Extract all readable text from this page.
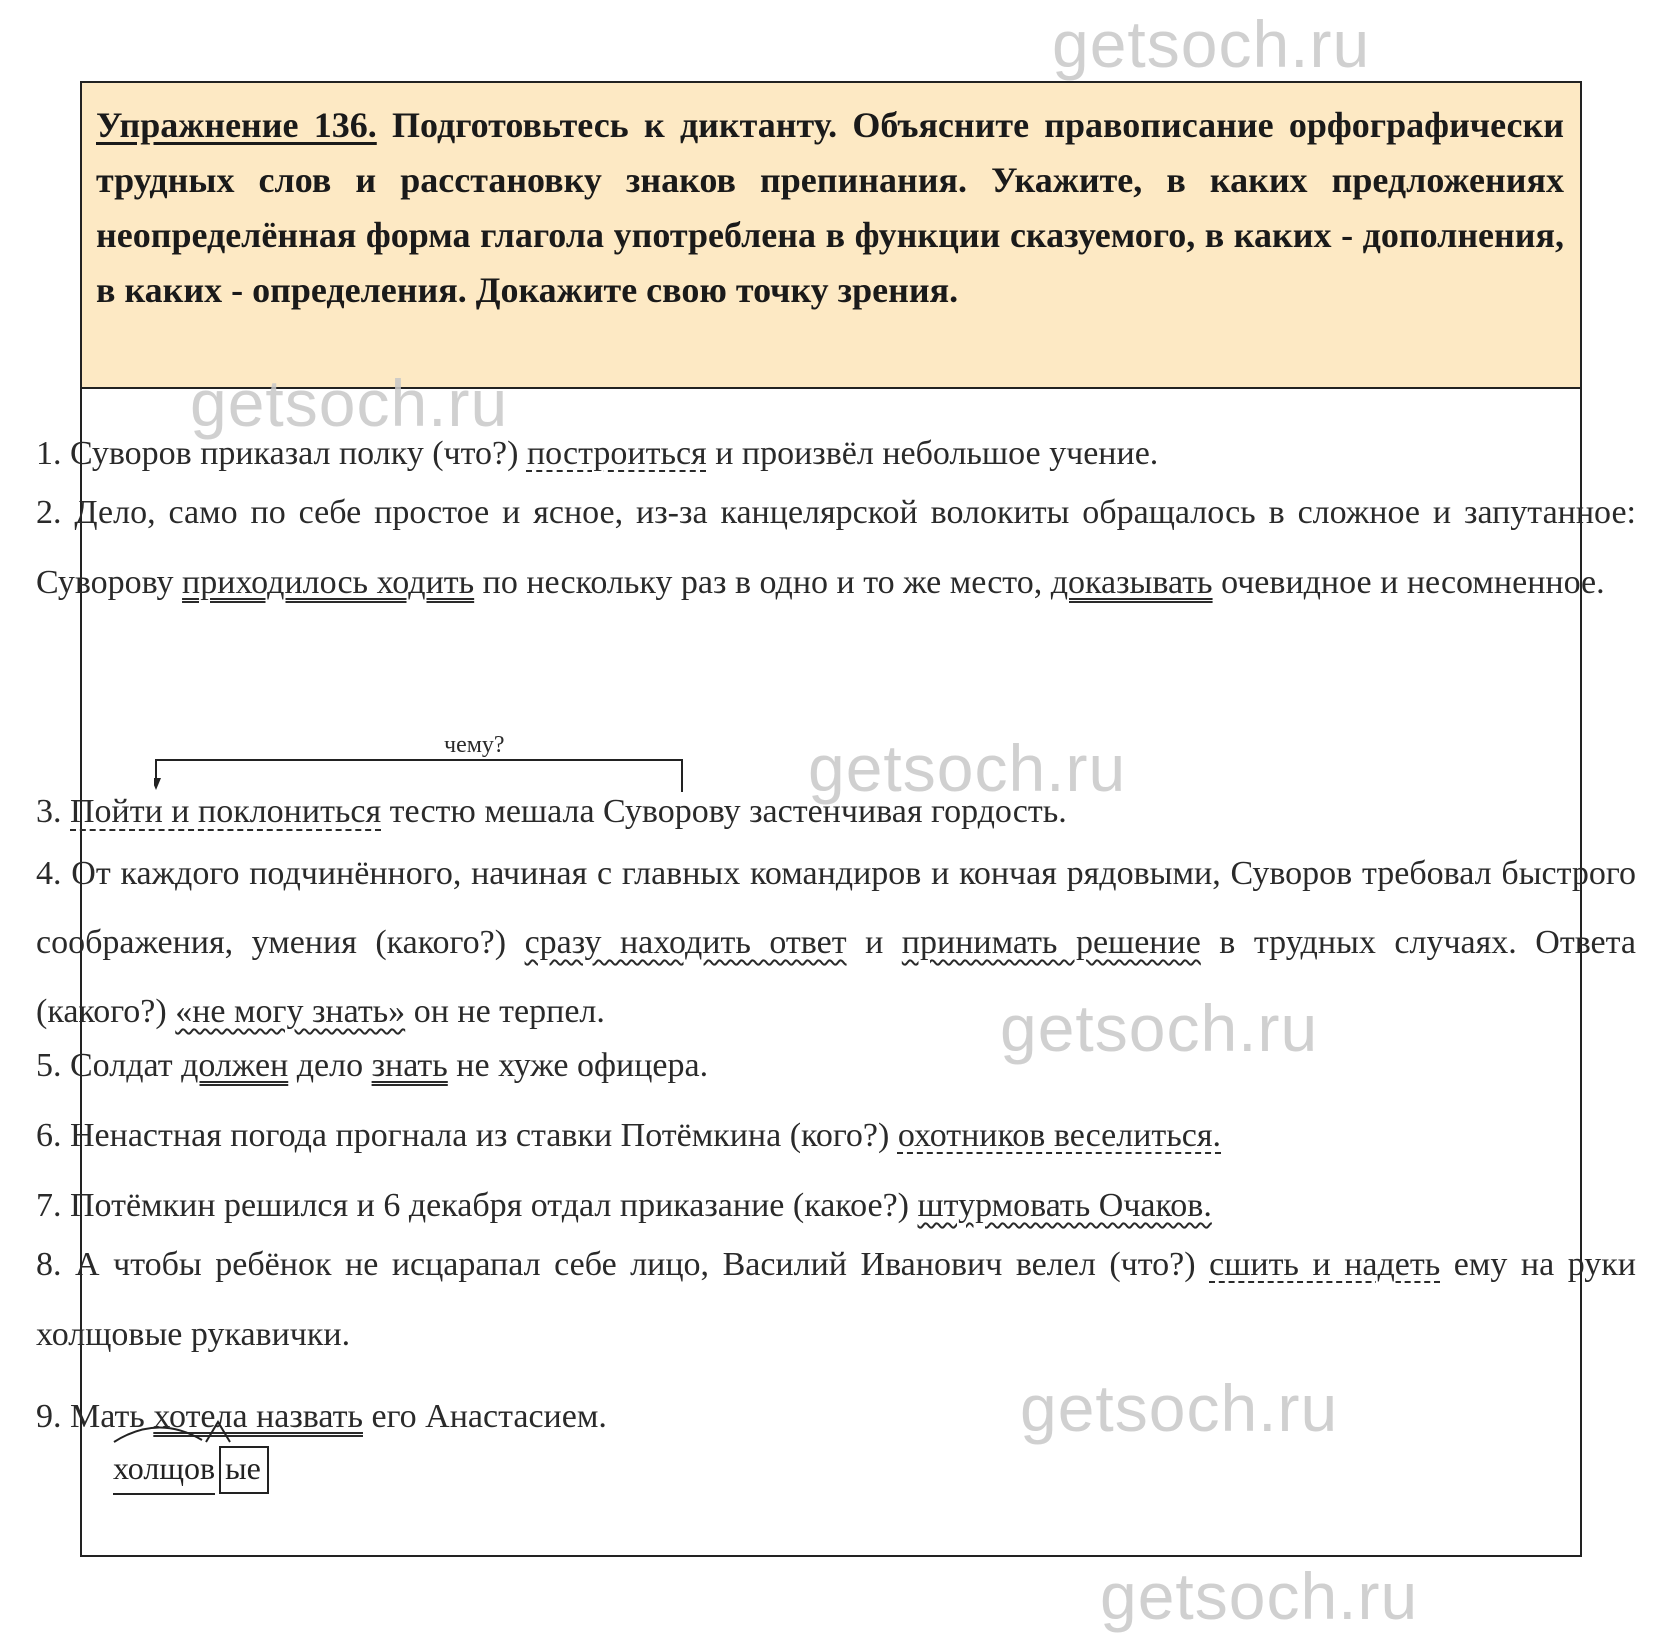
getsoch.ru
getsoch.ru
getsoch.ru
getsoch.ru
getsoch.ru
getsoch.ru
Упражнение 136. Подготовьтесь к диктанту. Объясните правописание орфографически трудных слов и расстановку знаков препинания. Укажите, в каких предложениях неопределённая форма глагола употреблена в функции сказуемого, в каких - дополнения, в каких - определения. Докажите свою точку зрения.

1. Суворов приказал полку (что?) построиться и произвёл небольшое учение.

2. Дело, само по себе простое и ясное, из-за канцелярской волокиты обращалось в сложное и запутанное: Суворову приходилось ходить по нескольку раз в одно и то же место, доказывать очевидное и несомненное.

чему?

3. Пойти и поклониться тестю мешала Суворову застенчивая гордость.

4. От каждого подчинённого, начиная с главных командиров и кончая рядовыми, Суворов требовал быстрого соображения, умения (какого?) сразу находить ответ и принимать решение в трудных случаях. Ответа (какого?) «не могу знать» он не терпел.

5. Солдат должен дело знать не хуже офицера.

6. Ненастная погода прогнала из ставки Потёмкина (кого?) охотников веселиться.

7. Потёмкин решился и 6 декабря отдал приказание (какое?) штурмовать Очаков.

8. А чтобы ребёнок не исцарапал себе лицо, Василий Иванович велел (что?) сшить и надеть ему на руки холщовые рукавички.

9. Мать хотела назвать его Анастасием.

холщов ые
